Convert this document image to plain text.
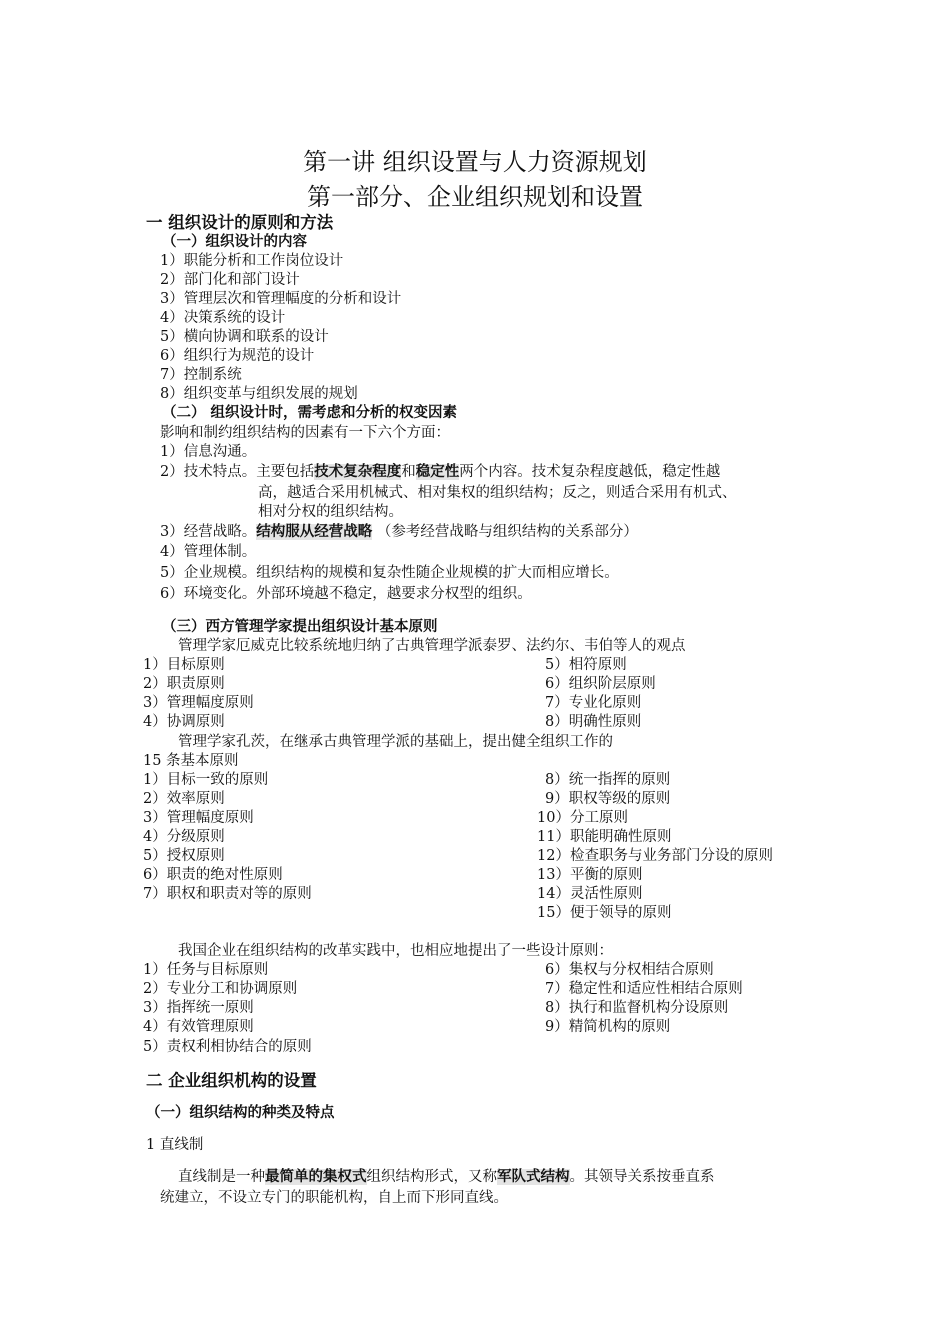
第一讲 组织设置与人力资源规划
第一部分、企业组织规划和设置
一 组织设计的原则和方法
（一）组织设计的内容
1）职能分析和工作岗位设计
2）部门化和部门设计
3）管理层次和管理幅度的分析和设计
4）决策系统的设计
5）横向协调和联系的设计
6）组织行为规范的设计
7）控制系统
8）组织变革与组织发展的规划
（二） 组织设计时，需考虑和分析的权变因素
影响和制约组织结构的因素有一下六个方面：
1）信息沟通。
2）技术特点。主要包括技术复杂程度和稳定性两个内容。技术复杂程度越低，稳定性越
高，越适合采用机械式、相对集权的组织结构；反之，则适合采用有机式、
相对分权的组织结构。
3）经营战略。结构服从经营战略 （参考经营战略与组织结构的关系部分）
4）管理体制。
5）企业规模。组织结构的规模和复杂性随企业规模的扩大而相应增长。
6）环境变化。外部环境越不稳定，越要求分权型的组织。
（三）西方管理学家提出组织设计基本原则
管理学家厄威克比较系统地归纳了古典管理学派泰罗、法约尔、韦伯等人的观点
1）目标原则
2）职责原则
3）管理幅度原则
4）协调原则
5）相符原则
6）组织阶层原则
7）专业化原则
8）明确性原则
管理学家孔茨，在继承古典管理学派的基础上，提出健全组织工作的
15 条基本原则
1）目标一致的原则
2）效率原则
3）管理幅度原则
4）分级原则
5）授权原则
6）职责的绝对性原则
7）职权和职责对等的原则
8）统一指挥的原则
9）职权等级的原则
10）分工原则
11）职能明确性原则
12）检查职务与业务部门分设的原则
13）平衡的原则
14）灵活性原则
15）便于领导的原则
我国企业在组织结构的改革实践中，也相应地提出了一些设计原则：
1）任务与目标原则
2）专业分工和协调原则
3）指挥统一原则
4）有效管理原则
5）责权利相协结合的原则
6）集权与分权相结合原则
7）稳定性和适应性相结合原则
8）执行和监督机构分设原则
9）精简机构的原则
二 企业组织机构的设置
（一）组织结构的种类及特点
1 直线制
直线制是一种最简单的集权式组织结构形式，又称军队式结构。其领导关系按垂直系
统建立，不设立专门的职能机构，自上而下形同直线。
